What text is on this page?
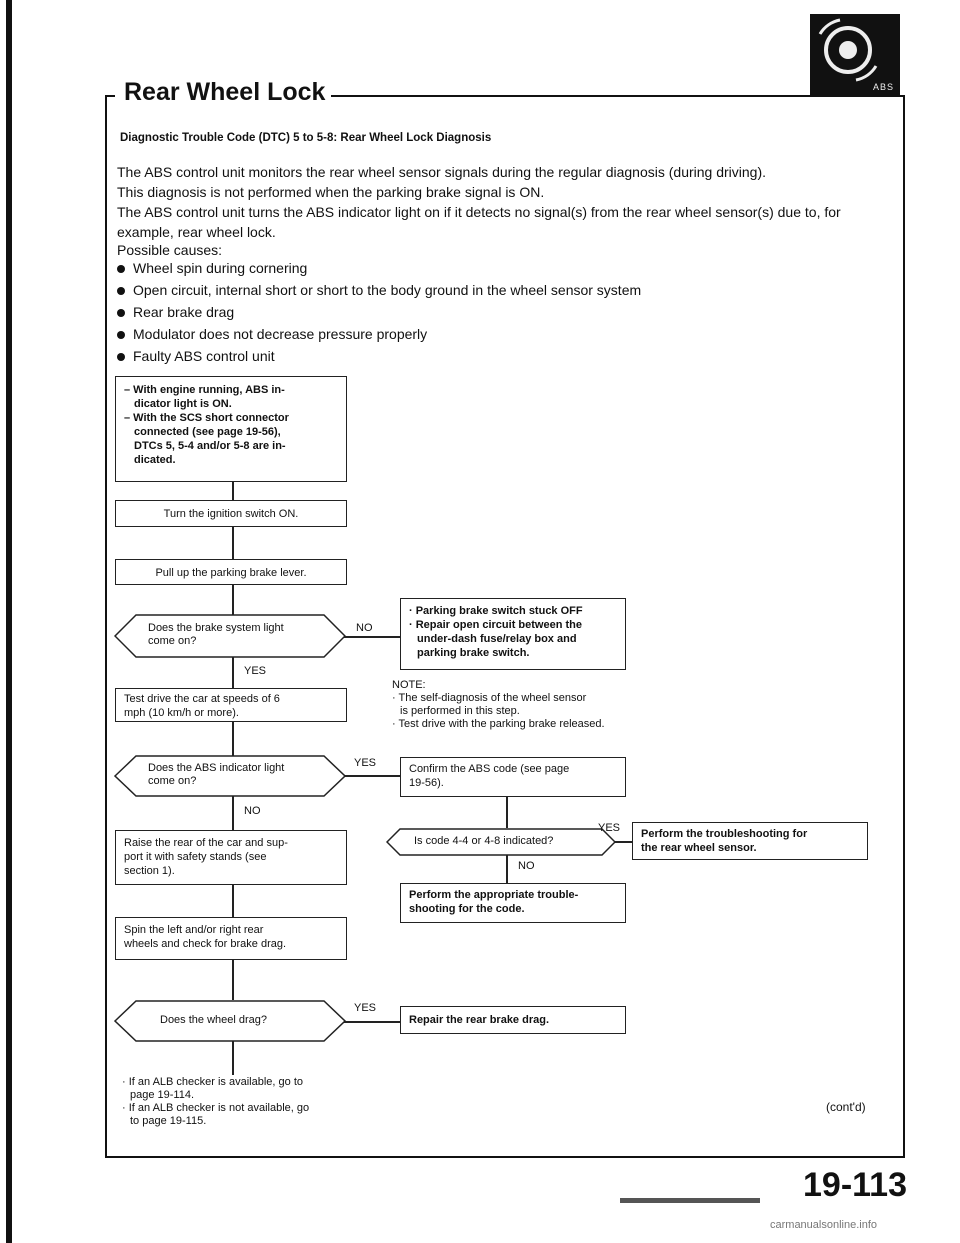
ABS
Rear Wheel Lock
Diagnostic Trouble Code (DTC) 5 to 5-8: Rear Wheel Lock Diagnosis
The ABS control unit monitors the rear wheel sensor signals during the regular diagnosis (during driving).
This diagnosis is not performed when the parking brake signal is ON.
The ABS control unit turns the ABS indicator light on if it detects no signal(s) from the rear wheel sensor(s) due to, for
example, rear wheel lock.
Possible causes:
Wheel spin during cornering
Open circuit, internal short or short to the body ground in the wheel sensor system
Rear brake drag
Modulator does not decrease pressure properly
Faulty ABS control unit
– With engine running, ABS in-
dicator light is ON.
– With the SCS short connector
connected (see page 19-56),
DTCs 5, 5-4 and/or 5-8 are in-
dicated.
Turn the ignition switch ON.
Pull up the parking brake lever.
Does the brake system light
come on?
NO
YES
· Parking brake switch stuck OFF
· Repair open circuit between the
under-dash fuse/relay box and
parking brake switch.
Test drive the car at speeds of 6
mph (10 km/h or more).
NOTE:
· The self-diagnosis of the wheel sensor
is performed in this step.
· Test drive with the parking brake released.
Does the ABS indicator light
come on?
YES
NO
Confirm the ABS code (see page
19-56).
Is code 4-4 or 4-8 indicated?
YES
NO
Perform the troubleshooting for
the rear wheel sensor.
Perform the appropriate trouble-
shooting for the code.
Raise the rear of the car and sup-
port it with safety stands (see
section 1).
Spin the left and/or right rear
wheels and check for brake drag.
Does the wheel drag?
YES
Repair the rear brake drag.
· If an ALB checker is available, go to
page 19-114.
· If an ALB checker is not available, go
to page 19-115.
(cont'd)
19-113
carmanualsonline.info
